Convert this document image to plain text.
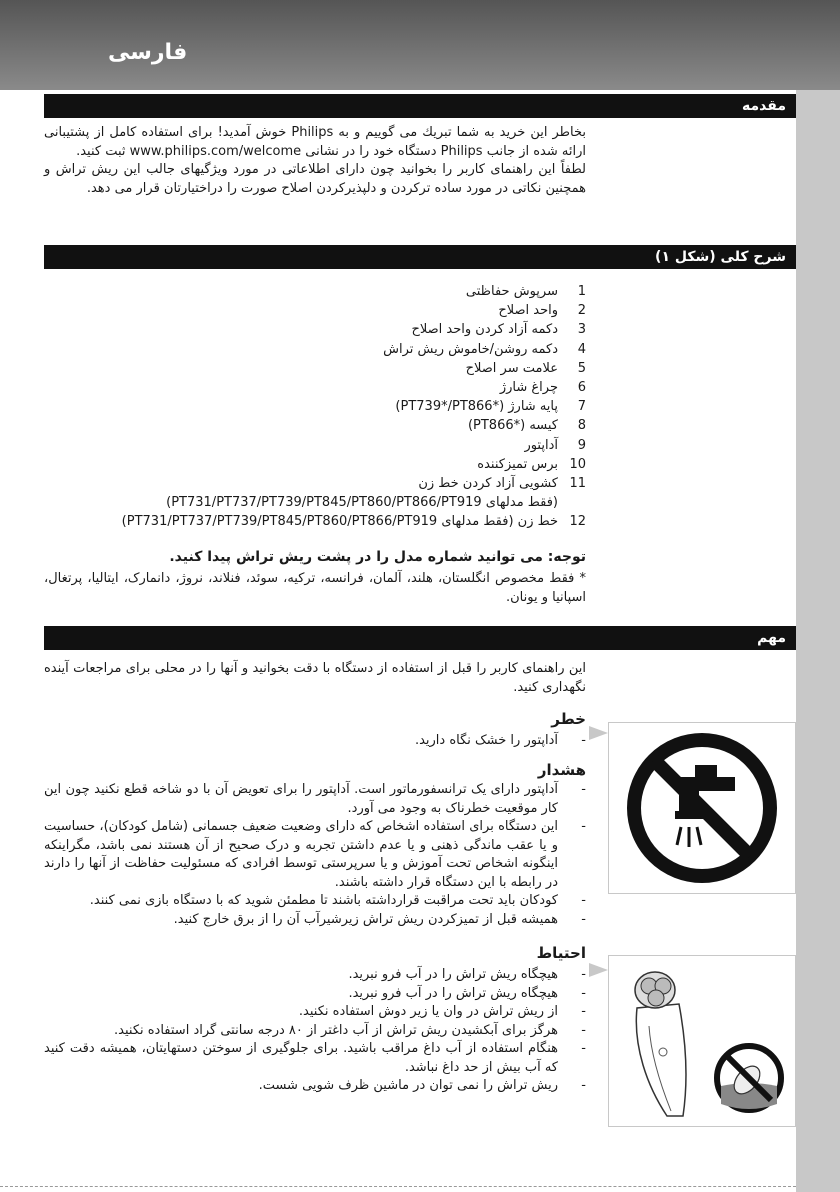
فارسی
مقدمه

بخاطر این خرید به شما تبریك می گوییم و به Philips خوش آمدید! برای استفاده کامل از پشتیبانی ارائه شده از جانب Philips دستگاه خود را در نشانی www.philips.com/welcome ثبت کنید.

لطفاً این راهنمای کاربر را بخوانید چون دارای اطلاعاتی در مورد ویژگیهای جالب این ریش تراش و همچنین نکاتی در مورد ساده ترکردن و دلپذیرکردن اصلاح صورت را دراختیارتان قرار می دهد.

شرح کلی (شکل ۱)
1
سرپوش حفاظتی
2
واحد اصلاح
3
دکمه آزاد کردن واحد اصلاح
4
دکمه روشن/خاموش ریش تراش
5
علامت سر اصلاح
6
چراغ شارژ
7
پایه شارژ (*PT739*/PT866)
8
کیسه (*PT866)
9
آداپتور
10
برس تمیزکننده
11
کشویی آزاد کردن خط زن
(فقط مدلهای PT731/PT737/PT739/PT845/PT860/PT866/PT919)
12
خط زن (فقط مدلهای PT731/PT737/PT739/PT845/PT860/PT866/PT919)
توجه: می توانید شماره مدل را در پشت ریش تراش پیدا کنید.
* فقط مخصوص انگلستان، هلند، آلمان، فرانسه، ترکیه، سوئد، فنلاند، نروژ، دانمارک، ایتالیا، پرتغال، اسپانیا و یونان.
مهم
این راهنمای کاربر را قبل از استفاده از دستگاه با دقت بخوانید و آنها را در محلی برای مراجعات آینده نگهداری کنید.
خطر
-
آداپتور را خشک نگاه دارید.
هشدار
-
آداپتور دارای یک ترانسفورماتور است. آداپتور را برای تعویض آن با دو شاخه قطع نکنید چون این کار موقعیت خطرناک به وجود می آورد.
-
این دستگاه برای استفاده اشخاص که دارای وضعیت ضعیف جسمانی (شامل کودکان)، حساسیت و یا عقب ماندگی ذهنی و یا عدم داشتن تجربه و درک صحیح از آن هستند نمی باشد، مگراینکه اینگونه اشخاص تحت آموزش و یا سرپرستی توسط افرادی که مسئولیت حفاظت از آنها را دارند در رابطه با این دستگاه قرار داشته باشند.
-
کودکان باید تحت مراقبت قرارداشته باشند تا مطمئن شوید که با دستگاه بازی نمی کنند.
-
همیشه قبل از تمیزکردن ریش تراش زیرشیرآب آن را از برق خارج کنید.
احتیاط
-
هیچگاه ریش تراش را در آب فرو نبرید.
-
هیچگاه ریش تراش را در آب فرو نبرید.
-
از ریش تراش در وان یا زیر دوش استفاده نکنید.
-
هرگز برای آبکشیدن ریش تراش از آب داغتر از ۸۰ درجه سانتی گراد استفاده نکنید.
-
هنگام استفاده از آب داغ مراقب باشید. برای جلوگیری از سوختن دستهایتان، همیشه دقت کنید که آب بیش از حد داغ نباشد.
-
ریش تراش را نمی توان در ماشین ظرف شویی شست.
